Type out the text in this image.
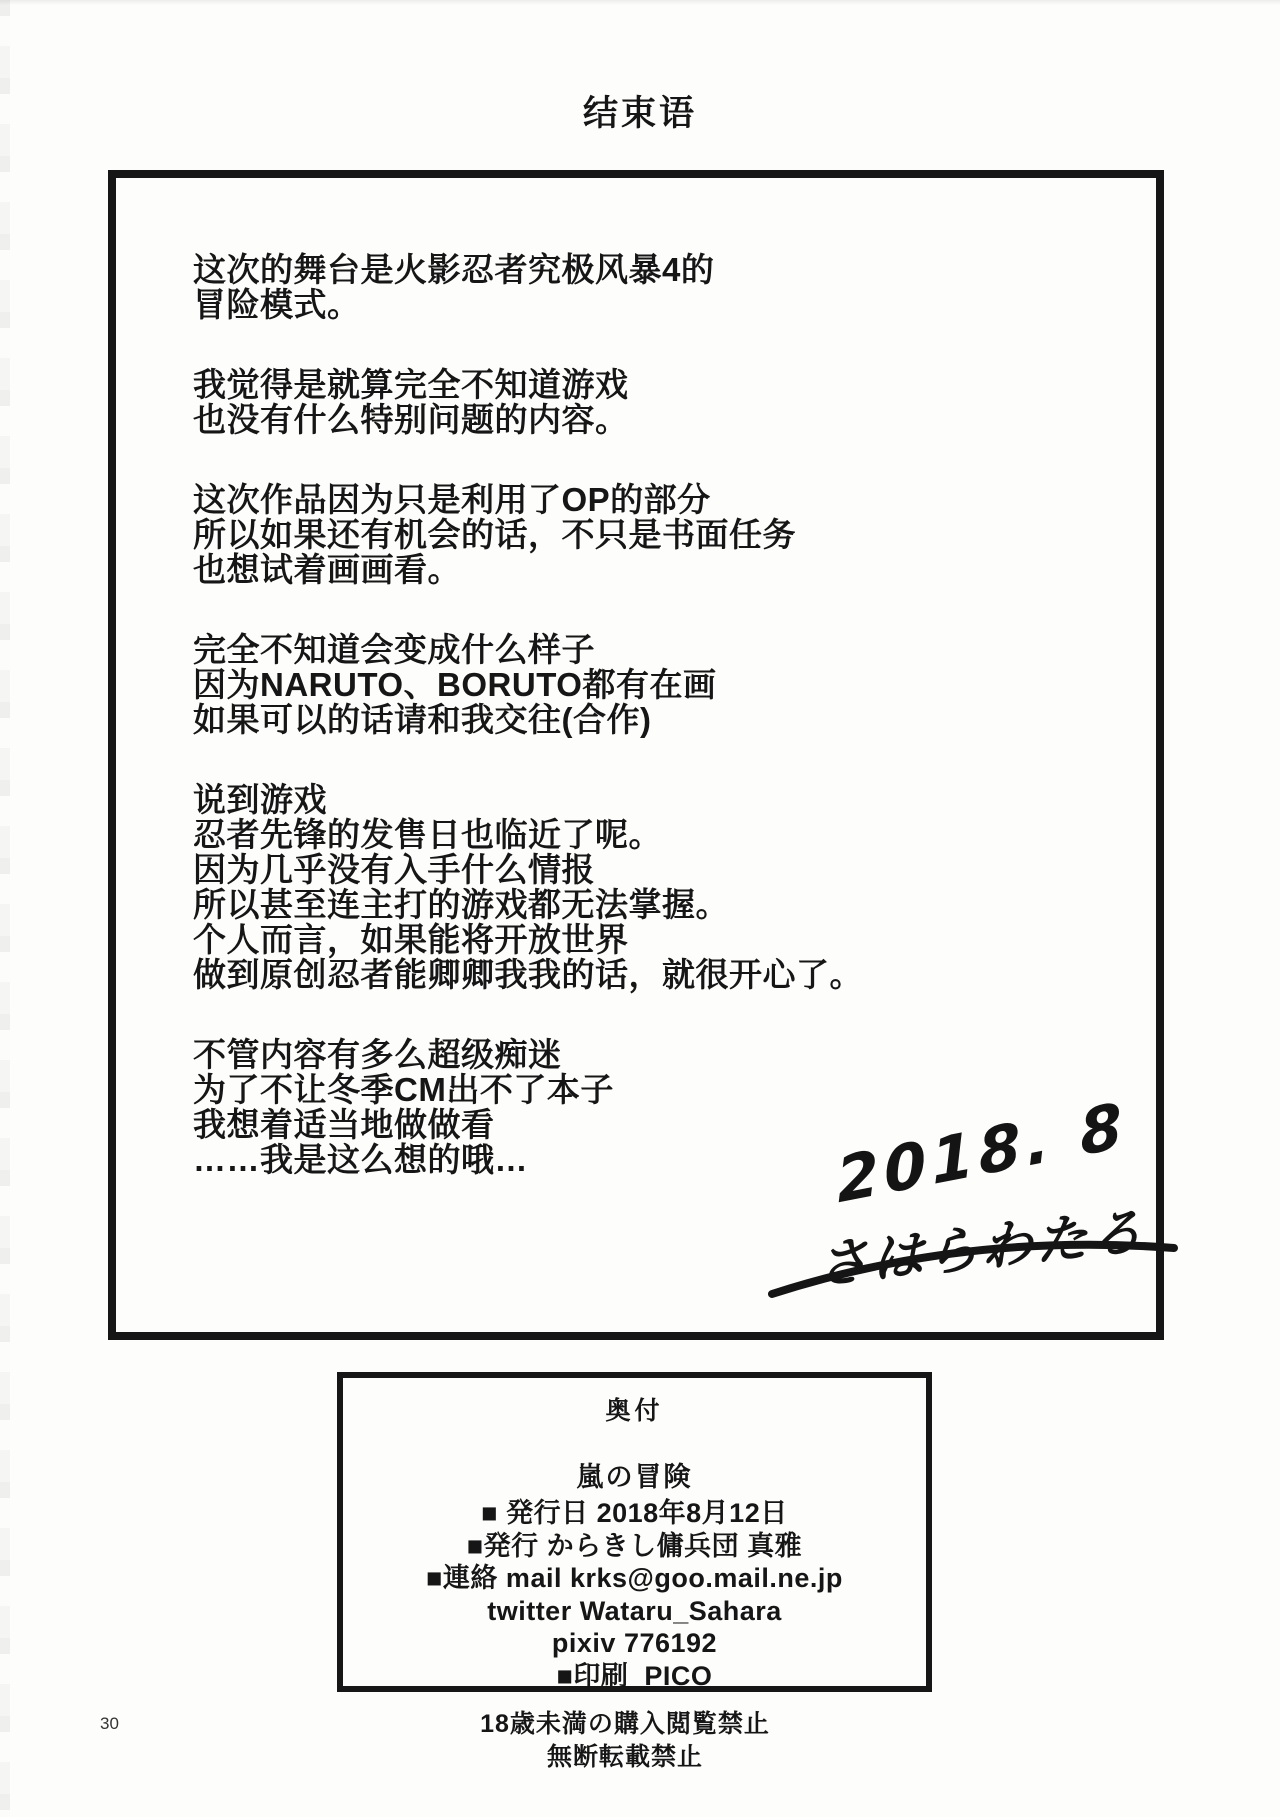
结束语
这次的舞台是火影忍者究极风暴4的
冒险模式。
我觉得是就算完全不知道游戏
也没有什么特别问题的内容。
这次作品因为只是利用了OP的部分
所以如果还有机会的话，不只是书面任务
也想试着画画看。
完全不知道会变成什么样子
因为NARUTO、BORUTO都有在画
如果可以的话请和我交往(合作)
说到游戏
忍者先锋的发售日也临近了呢。
因为几乎没有入手什么情报
所以甚至连主打的游戏都无法掌握。
个人而言，如果能将开放世界
做到原创忍者能卿卿我我的话，就很开心了。
不管内容有多么超级痴迷
为了不让冬季CM出不了本子
我想着适当地做做看
……我是这么想的哦…	2018. 8
さはらわたる
奥付
嵐の冒険
■ 発行日 2018年8月12日
■発行 からきし傭兵団 真雅
■連絡 mail krks@goo.mail.ne.jp
twitter Wataru_Sahara
pixiv 776192
■印刷  PICO
30	18歳未満の購入閲覧禁止
無断転載禁止
